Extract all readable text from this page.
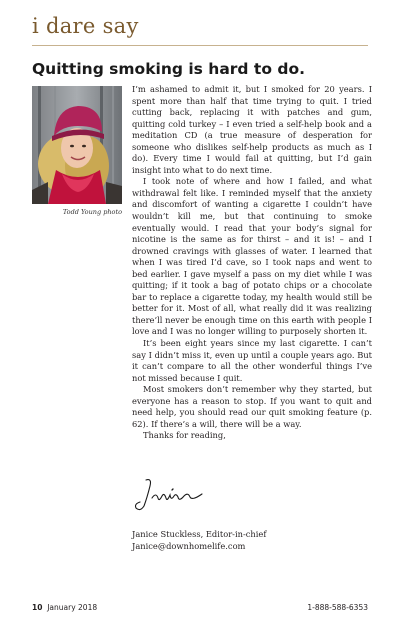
i dare say
Quitting smoking is hard to do.

Todd Young photo

I’m ashamed to admit it, but I smoked for 20 years. I spent more than half that time trying to quit. I tried cutting back, replacing it with patches and gum, quitting cold turkey – I even tried a self-help book and a meditation CD (a true measure of desperation for someone who dislikes self-help products as much as I do). Every time I would fail at quitting, but I’d gain insight into what to do next time.

I took note of where and how I failed, and what withdrawal felt like. I reminded myself that the anxiety and discomfort of wanting a cigarette I couldn’t have wouldn’t kill me, but that continuing to smoke eventually would. I read that your body’s signal for nicotine is the same as for thirst – and it is! – and I drowned cravings with glasses of water. I learned that when I was tired I’d cave, so I took naps and went to bed earlier. I gave myself a pass on my diet while I was quitting; if it took a bag of potato chips or a chocolate bar to replace a cigarette today, my health would still be better for it. Most of all, what really did it was realizing there’ll never be enough time on this earth with people I love and I was no longer willing to purposely shorten it.

It’s been eight years since my last cigarette. I can’t say I didn’t miss it, even up until a couple years ago. But it can’t compare to all the other wonderful things I’ve not missed because I quit.

Most smokers don’t remember why they started, but everyone has a reason to stop. If you want to quit and need help, you should read our quit smoking feature (p. 62). If there’s a will, there will be a way.

Thanks for reading,

Janice Stuckless, Editor-in-chief
Janice@downhomelife.com
10 January 2018	1-888-588-6353
